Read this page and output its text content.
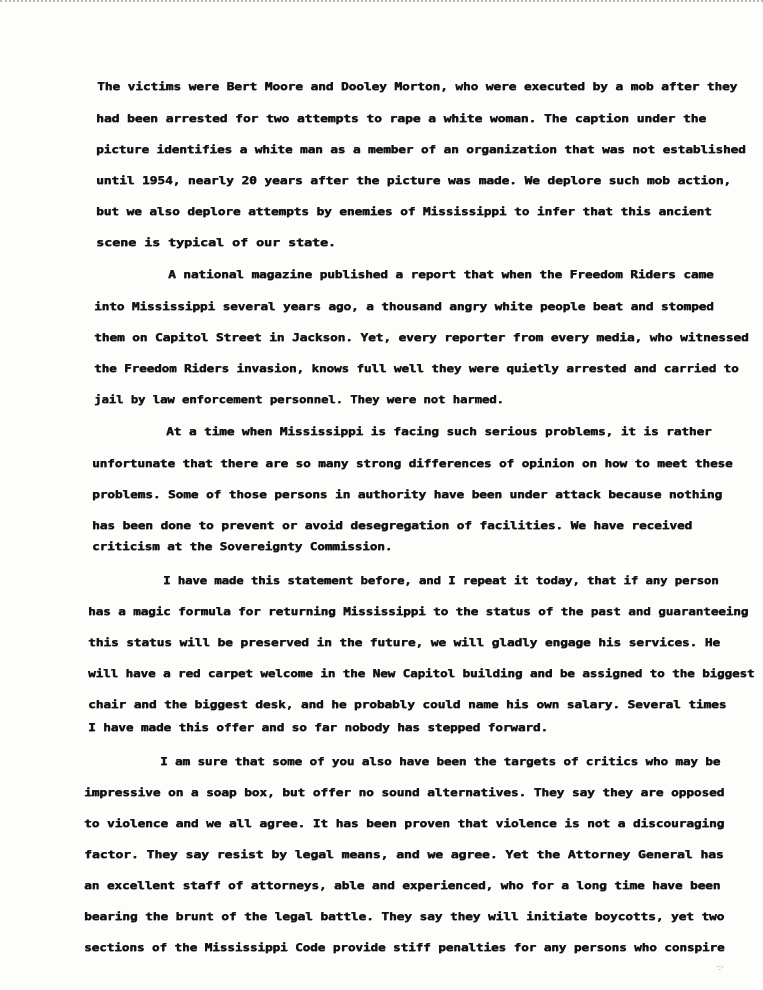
The victims were Bert Moore and Dooley Morton, who were executed by a mob after they
had been arrested for two attempts to rape a white woman. The caption under the
picture identifies a white man as a member of an organization that was not established
until 1954, nearly 20 years after the picture was made. We deplore such mob action,
but we also deplore attempts by enemies of Mississippi to infer that this ancient
scene is typical of our state.
A national magazine published a report that when the Freedom Riders came
into Mississippi several years ago, a thousand angry white people beat and stomped
them on Capitol Street in Jackson. Yet, every reporter from every media, who witnessed
the Freedom Riders invasion, knows full well they were quietly arrested and carried to
jail by law enforcement personnel. They were not harmed.
At a time when Mississippi is facing such serious problems, it is rather
unfortunate that there are so many strong differences of opinion on how to meet these
problems. Some of those persons in authority have been under attack because nothing
has been done to prevent or avoid desegregation of facilities. We have received
criticism at the Sovereignty Commission.
I have made this statement before, and I repeat it today, that if any person
has a magic formula for returning Mississippi to the status of the past and guaranteeing
this status will be preserved in the future, we will gladly engage his services. He
will have a red carpet welcome in the New Capitol building and be assigned to the biggest
chair and the biggest desk, and he probably could name his own salary. Several times
I have made this offer and so far nobody has stepped forward.
I am sure that some of you also have been the targets of critics who may be
impressive on a soap box, but offer no sound alternatives. They say they are opposed
to violence and we all agree. It has been proven that violence is not a discouraging
factor. They say resist by legal means, and we agree. Yet the Attorney General has
an excellent staff of attorneys, able and experienced, who for a long time have been
bearing the brunt of the legal battle. They say they will initiate boycotts, yet two
sections of the Mississippi Code provide stiff penalties for any persons who conspire
·:·
